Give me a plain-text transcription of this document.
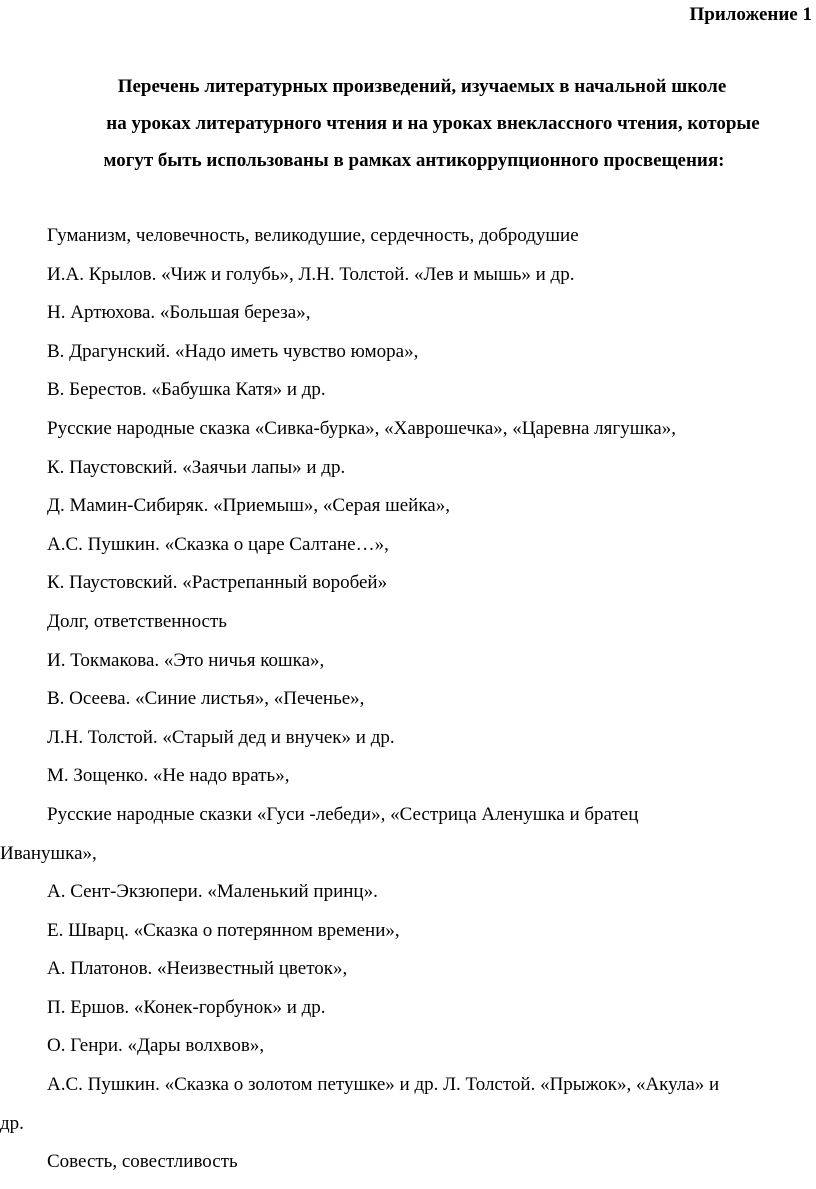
Приложение 1
Перечень литературных произведений, изучаемых в начальной школе
на уроках литературного чтения и на уроках внеклассного чтения, которые
могут быть использованы в рамках антикоррупционного просвещения:
Гуманизм, человечность, великодушие, сердечность, добродушие
И.А. Крылов. «Чиж и голубь», Л.Н. Толстой. «Лев и мышь» и др.
Н. Артюхова. «Большая береза»,
В. Драгунский. «Надо иметь чувство юмора»,
В. Берестов. «Бабушка Катя» и др.
Русские народные сказка «Сивка-бурка», «Хаврошечка», «Царевна лягушка»,
К. Паустовский. «Заячьи лапы» и др.
Д. Мамин-Сибиряк. «Приемыш», «Серая шейка»,
А.С. Пушкин. «Сказка о царе Салтане…»,
К. Паустовский. «Растрепанный воробей»
Долг, ответственность
И. Токмакова. «Это ничья кошка»,
В. Осеева. «Синие листья», «Печенье»,
Л.Н. Толстой. «Старый дед и внучек» и др.
М. Зощенко. «Не надо врать»,
Русские народные сказки «Гуси -лебеди», «Сестрица Аленушка и братец
Иванушка»,
А. Сент-Экзюпери. «Маленький принц».
Е. Шварц. «Сказка о потерянном времени»,
А. Платонов. «Неизвестный цветок»,
П. Ершов. «Конек-горбунок» и др.
О. Генри. «Дары волхвов»,
А.С. Пушкин. «Сказка о золотом петушке» и др. Л. Толстой. «Прыжок», «Акула» и
др.
Совесть, совестливость
